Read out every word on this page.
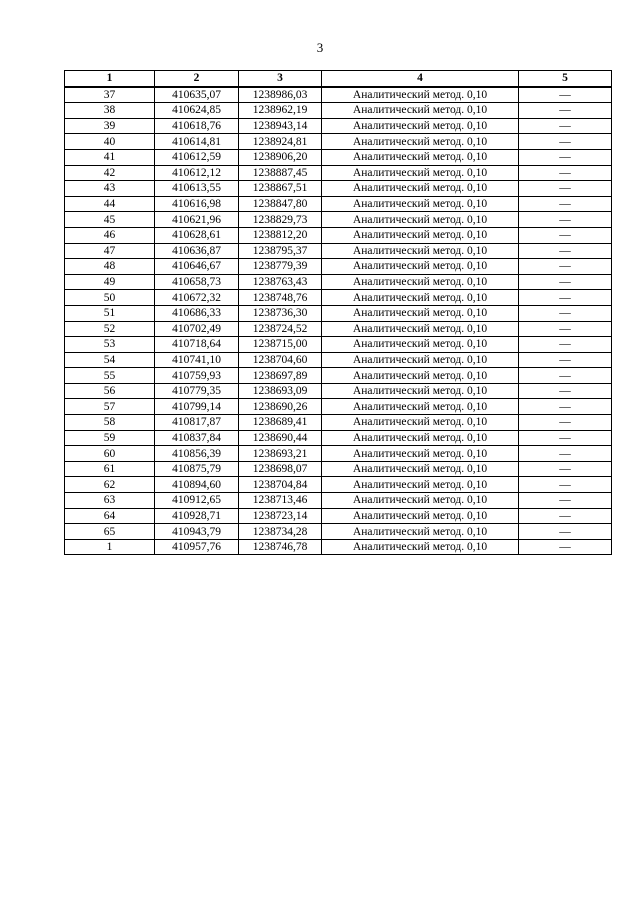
3
1	2	3	4	5
37	410635,07	1238986,03	Аналитический метод. 0,10	—
38	410624,85	1238962,19	Аналитический метод. 0,10	—
39	410618,76	1238943,14	Аналитический метод. 0,10	—
40	410614,81	1238924,81	Аналитический метод. 0,10	—
41	410612,59	1238906,20	Аналитический метод. 0,10	—
42	410612,12	1238887,45	Аналитический метод. 0,10	—
43	410613,55	1238867,51	Аналитический метод. 0,10	—
44	410616,98	1238847,80	Аналитический метод. 0,10	—
45	410621,96	1238829,73	Аналитический метод. 0,10	—
46	410628,61	1238812,20	Аналитический метод. 0,10	—
47	410636,87	1238795,37	Аналитический метод. 0,10	—
48	410646,67	1238779,39	Аналитический метод. 0,10	—
49	410658,73	1238763,43	Аналитический метод. 0,10	—
50	410672,32	1238748,76	Аналитический метод. 0,10	—
51	410686,33	1238736,30	Аналитический метод. 0,10	—
52	410702,49	1238724,52	Аналитический метод. 0,10	—
53	410718,64	1238715,00	Аналитический метод. 0,10	—
54	410741,10	1238704,60	Аналитический метод. 0,10	—
55	410759,93	1238697,89	Аналитический метод. 0,10	—
56	410779,35	1238693,09	Аналитический метод. 0,10	—
57	410799,14	1238690,26	Аналитический метод. 0,10	—
58	410817,87	1238689,41	Аналитический метод. 0,10	—
59	410837,84	1238690,44	Аналитический метод. 0,10	—
60	410856,39	1238693,21	Аналитический метод. 0,10	—
61	410875,79	1238698,07	Аналитический метод. 0,10	—
62	410894,60	1238704,84	Аналитический метод. 0,10	—
63	410912,65	1238713,46	Аналитический метод. 0,10	—
64	410928,71	1238723,14	Аналитический метод. 0,10	—
65	410943,79	1238734,28	Аналитический метод. 0,10	—
1	410957,76	1238746,78	Аналитический метод. 0,10	—
